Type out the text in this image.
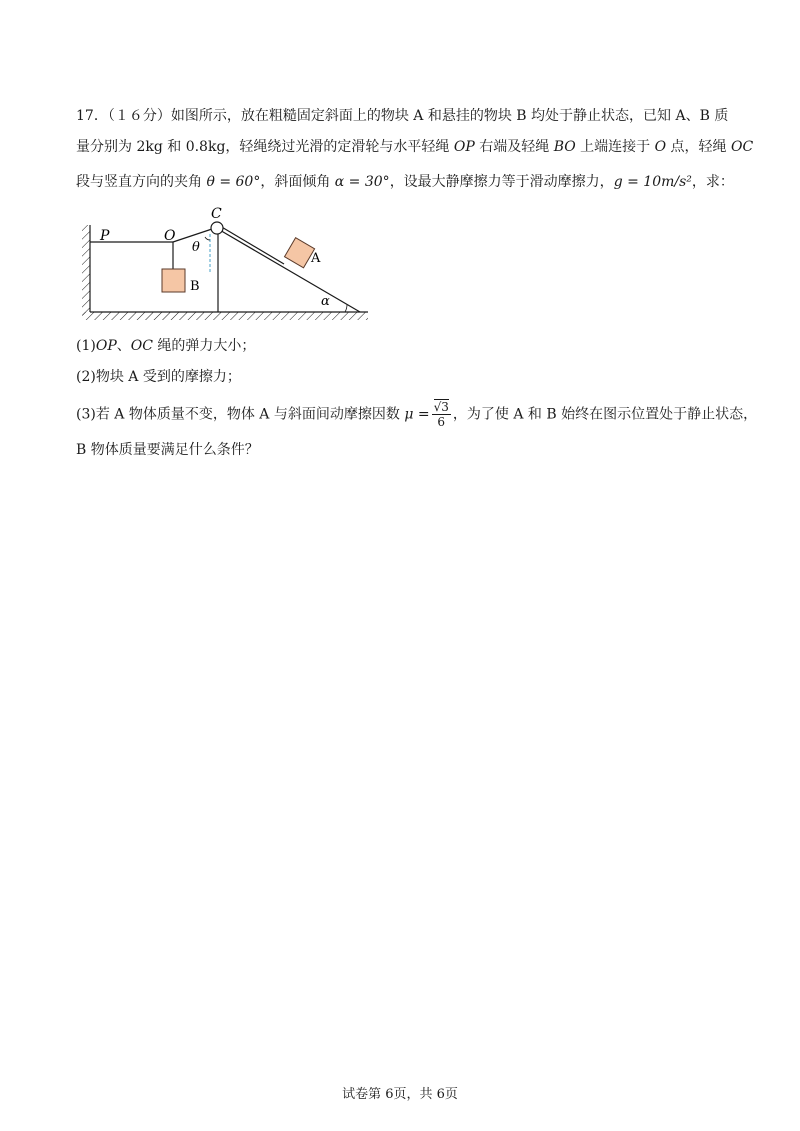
17．（１６分）如图所示，放在粗糙固定斜面上的物块 A 和悬挂的物块 B 均处于静止状态，已知 A、B 质
量分别为 2kg 和 0.8kg，轻绳绕过光滑的定滑轮与水平轻绳 OP 右端及轻绳 BO 上端连接于 O 点，轻绳 OC
段与竖直方向的夹角 θ = 60°，斜面倾角 α = 30°，设最大静摩擦力等于滑动摩擦力，g = 10m/s²，求：
P	O
C
θ
A
B
α
(1)OP、OC 绳的弹力大小；
(2)物块 A 受到的摩擦力；
(3)若 A 物体质量不变，物体 A 与斜面间动摩擦因数 $\mu = \frac{√3}{6}$ ，为了使 A 和 B 始终在图示位置处于静止状态，
B 物体质量要满足什么条件？
试卷第 6页，共 6页
